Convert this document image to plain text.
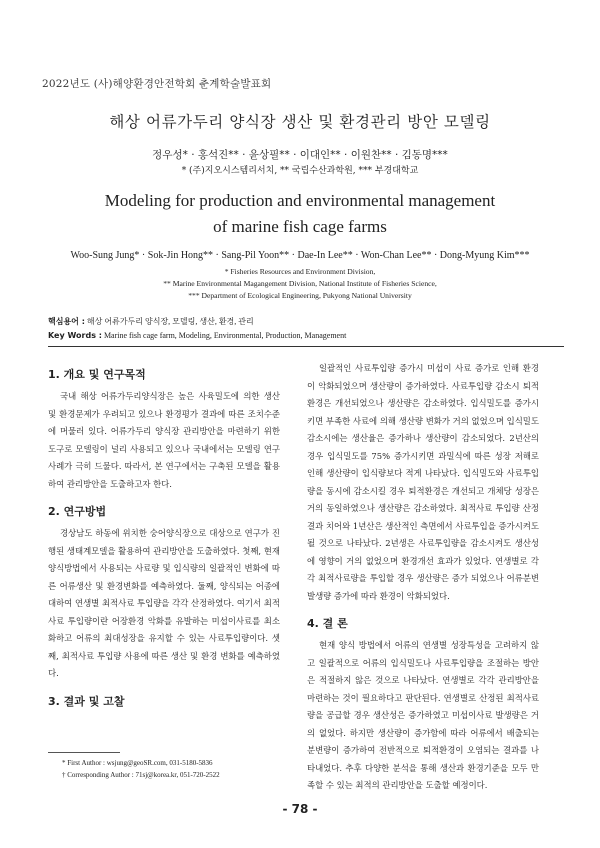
2022년도 (사)해양환경안전학회 춘계학술발표회
해상 어류가두리 양식장 생산 및 환경관리 방안 모델링
정우성* · 홍석진** · 윤상필** · 이대인** · 이원찬** · 김동명***
* (주)지오시스템리서치, ** 국립수산과학원, *** 부경대학교
Modeling for production and environmental management
of marine fish cage farms
Woo-Sung Jung* · Sok-Jin Hong** · Sang-Pil Yoon** · Dae-In Lee** · Won-Chan Lee** · Dong-Myung Kim***
* Fisheries Resources and Environment Division,
** Marine Environmental Magangement Division, National Institute of Fisheries Science,
*** Department of Ecological Engineering, Pukyong National University
핵심용어 : 해상 어류가두리 양식장, 모델링, 생산, 환경, 관리
Key Words : Marine fish cage farm, Modeling, Environmental, Production, Management
1. 개요 및 연구목적

국내 해상 어류가두리양식장은 높은 사육밀도에 의한 생산 및 환경문제가 우려되고 있으나 환경평가 결과에 따른 조치수준에 머물러 있다. 어류가두리 양식장 관리방안을 마련하기 위한 도구로 모델링이 널리 사용되고 있으나 국내에서는 모델링 연구사례가 극히 드물다. 따라서, 본 연구에서는 구축된 모델을 활용하여 관리방안을 도출하고자 한다.

2. 연구방법

경상남도 하동에 위치한 숭어양식장으로 대상으로 연구가 진행된 생태계모델을 활용하여 관리방안을 도출하였다. 첫째, 현재 양식방법에서 사용되는 사료량 및 입식량의 일괄적인 변화에 따른 어류생산 및 환경변화를 예측하였다. 둘째, 양식되는 어종에 대하여 연생별 최적사료 투입량을 각각 산정하였다. 여기서 최적사료 투입량이란 어장환경 악화를 유발하는 미섭이사료를 최소화하고 어류의 최대성장을 유지할 수 있는 사료투입량이다. 셋째, 최적사료 투입량 사용에 따른 생산 및 환경 변화를 예측하였다.

3. 결과 및 고찰

일괄적인 사료투입량 증가시 미섭이 사료 증가로 인해 환경이 악화되었으며 생산량이 증가하였다. 사료투입량 감소시 퇴적환경은 개선되었으나 생산량은 감소하였다. 입식밀도를 증가시키면 부족한 사료에 의해 생산량 변화가 거의 없었으며 입식밀도 감소시에는 생산율은 증가하나 생산량이 감소되었다. 2년산의 경우 입식밀도를 75% 증가시키면 과밀식에 따른 성장 저해로 인해 생산량이 입식량보다 적게 나타났다. 입식밀도와 사료투입량을 동시에 감소시킬 경우 퇴적환경은 개선되고 개체당 성장은 거의 동일하였으나 생산량은 감소하였다. 최적사료 투입량 산정결과 치어와 1년산은 생산적인 측면에서 사료투입을 증가시켜도 될 것으로 나타났다. 2년생은 사료투입량을 감소시켜도 생산성에 영향이 거의 없었으며 환경개선 효과가 있었다. 연생별로 각각 최적사료량을 투입할 경우 생산량은 증가 되었으나 어류분변 발생량 증가에 따라 환경이 악화되었다.

4. 결 론

현재 양식 방법에서 어류의 연생별 성장특성을 고려하지 않고 일괄적으로 어류의 입식밀도나 사료투입량을 조절하는 방안은 적절하지 않은 것으로 나타났다. 연생별로 각각 관리방안을 마련하는 것이 필요하다고 판단된다. 연생별로 산정된 최적사료량을 공급할 경우 생산성은 증가하였고 미섭이사료 발생량은 거의 없었다. 하지만 생산량이 증가함에 따라 어류에서 배출되는 분변량이 증가하여 전반적으로 퇴적환경이 오염되는 결과를 나타내었다. 추후 다양한 분석을 통해 생산과 환경기준을 모두 만족할 수 있는 최적의 관리방안을 도출할 예정이다.

* First Author : wsjung@geoSR.com, 031-5180-5836
† Corresponding Author : 71sj@korea.kr, 051-720-2522
- 78 -
